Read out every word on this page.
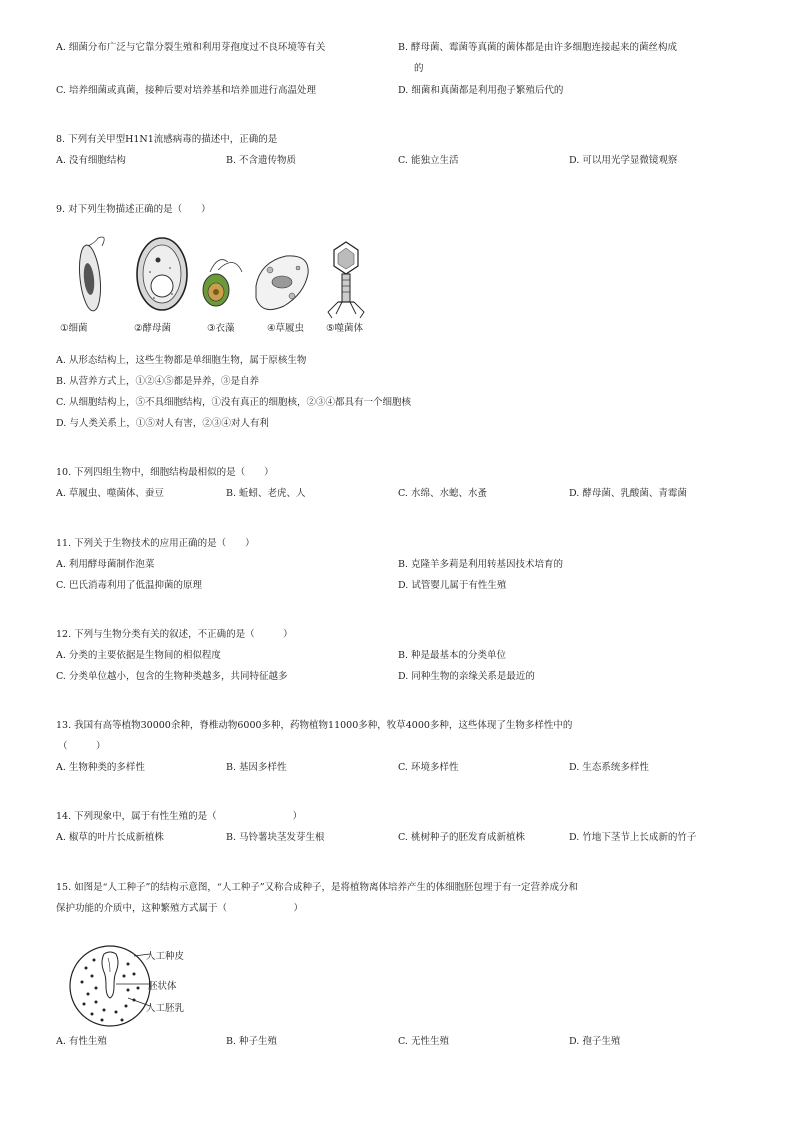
A. 细菌分布广泛与它靠分裂生殖和利用芽孢度过不良环境等有关	B. 酵母菌、霉菌等真菌的菌体都是由许多细胞连接起来的菌丝构成
的
C. 培养细菌或真菌，接种后要对培养基和培养皿进行高温处理	D. 细菌和真菌都是利用孢子繁殖后代的
8. 下列有关甲型H1N1流感病毒的描述中，正确的是
A. 没有细胞结构	B. 不含遗传物质	C. 能独立生活	D. 可以用光学显微镜观察
9. 对下列生物描述正确的是（　　）
①细菌	②酵母菌	③衣藻	④草履虫 ⑤噬菌体
A. 从形态结构上，这些生物都是单细胞生物，属于原核生物
B. 从营养方式上，①②④⑤都是异养，③是自养
C. 从细胞结构上，⑤不具细胞结构，①没有真正的细胞核，②③④都具有一个细胞核
D. 与人类关系上，①⑤对人有害，②③④对人有利
10. 下列四组生物中，细胞结构最相似的是（　　）
A. 草履虫、噬菌体、蚕豆	B. 蚯蚓、老虎、人	C. 水绵、水螅、水蚤	D. 酵母菌、乳酸菌、青霉菌
11. 下列关于生物技术的应用正确的是（　　）
A. 利用酵母菌制作泡菜	B. 克隆羊多莉是利用转基因技术培育的
C. 巴氏消毒利用了低温抑菌的原理	D. 试管婴儿属于有性生殖
12. 下列与生物分类有关的叙述，不正确的是（　　　）
A. 分类的主要依据是生物间的相似程度	B. 种是最基本的分类单位
C. 分类单位越小，包含的生物种类越多，共同特征越多	D. 同种生物的亲缘关系是最近的
13. 我国有高等植物30000余种，脊椎动物6000多种，药物植物11000多种，牧草4000多种，这些体现了生物多样性中的
（　　　）
A. 生物种类的多样性	B. 基因多样性	C. 环境多样性	D. 生态系统多样性
14. 下列现象中，属于有性生殖的是（　　　　　　　　）
A. 椒草的叶片长成新植株	B. 马铃薯块茎发芽生根	C. 桃树种子的胚发育成新植株	D. 竹地下茎节上长成新的竹子
15. 如图是“人工种子”的结构示意图，“人工种子”又称合成种子，是将植物离体培养产生的体细胞胚包埋于有一定营养成分和
保护功能的介质中，这种繁殖方式属于（　　　　　　　）
人工种皮
胚状体
人工胚乳
A. 有性生殖	B. 种子生殖	C. 无性生殖	D. 孢子生殖
